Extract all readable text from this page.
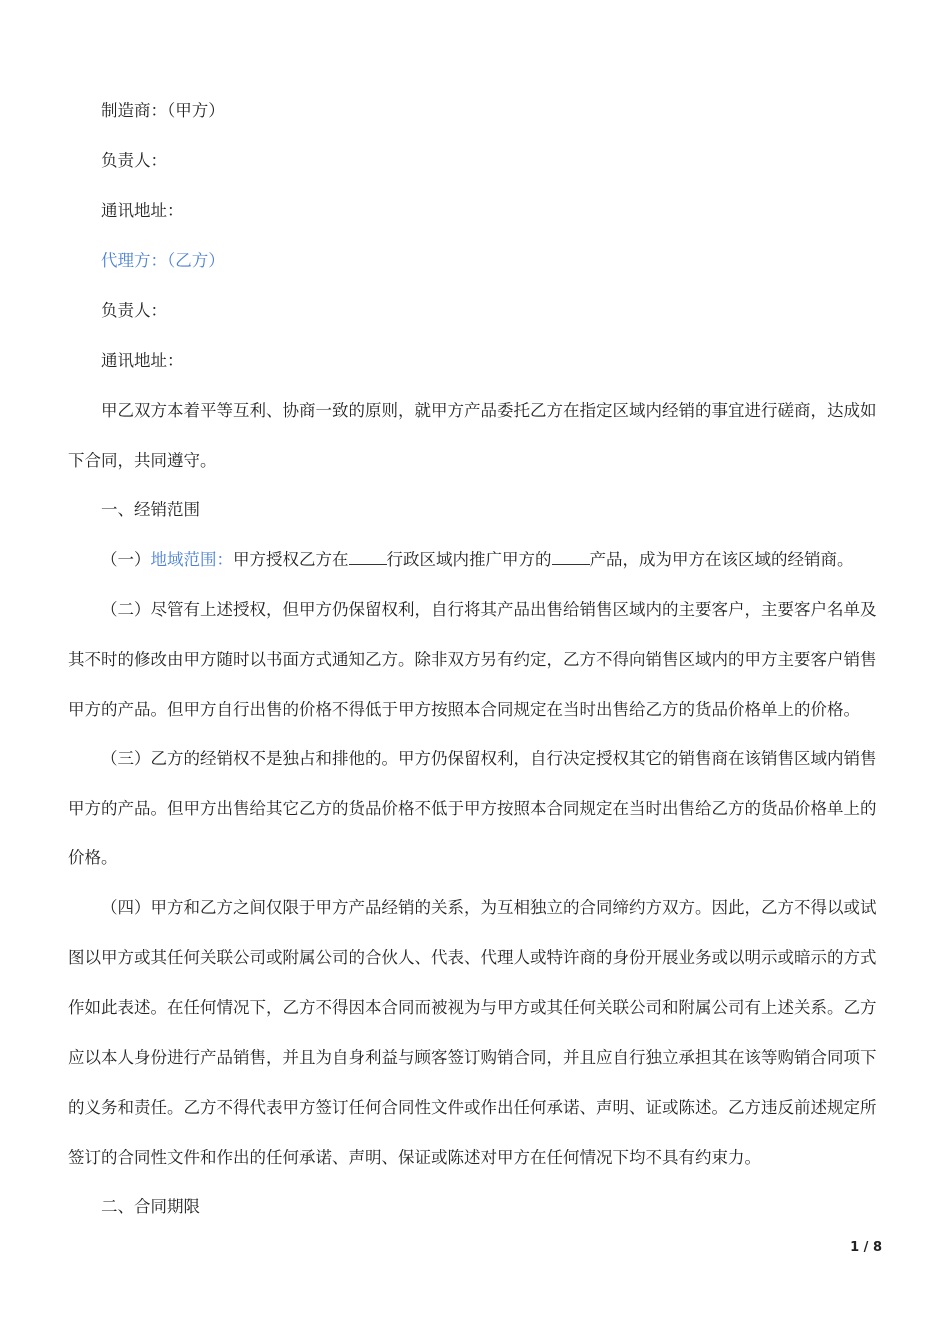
制造商：（甲方）
负责人：
通讯地址：
代理方：（乙方）
负责人：
通讯地址：
甲乙双方本着平等互利、协商一致的原则，就甲方产品委托乙方在指定区域内经销的事宜进行磋商，达成如
下合同，共同遵守。
一、经销范围
（一）地域范围：甲方授权乙方在 行政区域内推广甲方的 产品，成为甲方在该区域的经销商。
（二）尽管有上述授权，但甲方仍保留权利，自行将其产品出售给销售区域内的主要客户，主要客户名单及
其不时的修改由甲方随时以书面方式通知乙方。除非双方另有约定，乙方不得向销售区域内的甲方主要客户销售
甲方的产品。但甲方自行出售的价格不得低于甲方按照本合同规定在当时出售给乙方的货品价格单上的价格。
（三）乙方的经销权不是独占和排他的。甲方仍保留权利，自行决定授权其它的销售商在该销售区域内销售
甲方的产品。但甲方出售给其它乙方的货品价格不低于甲方按照本合同规定在当时出售给乙方的货品价格单上的
价格。
（四）甲方和乙方之间仅限于甲方产品经销的关系，为互相独立的合同缔约方双方。因此，乙方不得以或试
图以甲方或其任何关联公司或附属公司的合伙人、代表、代理人或特许商的身份开展业务或以明示或暗示的方式
作如此表述。在任何情况下，乙方不得因本合同而被视为与甲方或其任何关联公司和附属公司有上述关系。乙方
应以本人身份进行产品销售，并且为自身利益与顾客签订购销合同，并且应自行独立承担其在该等购销合同项下
的义务和责任。乙方不得代表甲方签订任何合同性文件或作出任何承诺、声明、证或陈述。乙方违反前述规定所
签订的合同性文件和作出的任何承诺、声明、保证或陈述对甲方在任何情况下均不具有约束力。
二、合同期限
1 / 8
